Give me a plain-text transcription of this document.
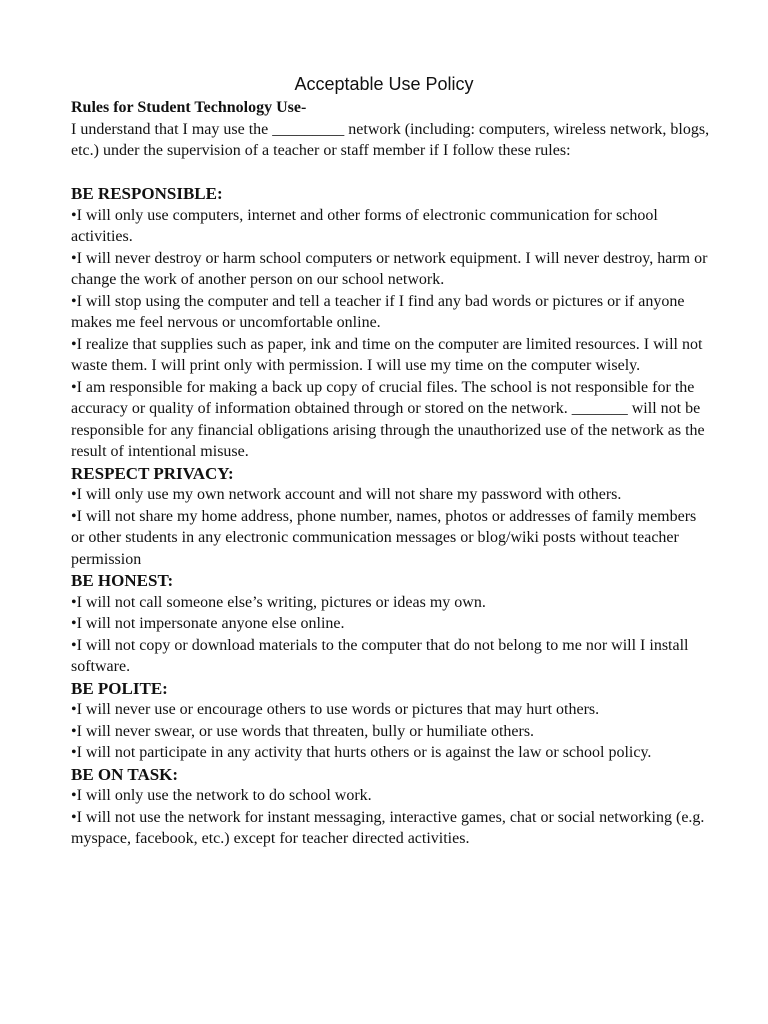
Acceptable Use Policy
Rules for Student Technology Use-

I understand that I may use the _________ network (including: computers, wireless network, blogs, etc.) under the supervision of a teacher or staff member if I follow these rules:

BE RESPONSIBLE:

•I will only use computers, internet and other forms of electronic communication for school activities.

•I will never destroy or harm school computers or network equipment. I will never destroy, harm or change the work of another person on our school network.

•I will stop using the computer and tell a teacher if I find any bad words or pictures or if anyone makes me feel nervous or uncomfortable online.

•I realize that supplies such as paper, ink and time on the computer are limited resources. I will not waste them. I will print only with permission. I will use my time on the computer wisely.

•I am responsible for making a back up copy of crucial files. The school is not responsible for the accuracy or quality of information obtained through or stored on the network. _______ will not be responsible for any financial obligations arising through the unauthorized use of the network as the result of intentional misuse.

RESPECT PRIVACY:

•I will only use my own network account and will not share my password with others.

•I will not share my home address, phone number, names, photos or addresses of family members or other students in any electronic communication messages or blog/wiki posts without teacher permission

BE HONEST:

•I will not call someone else’s writing, pictures or ideas my own.

•I will not impersonate anyone else online.

•I will not copy or download materials to the computer that do not belong to me nor will I install software.

BE POLITE:

•I will never use or encourage others to use words or pictures that may hurt others.

•I will never swear, or use words that threaten, bully or humiliate others.

•I will not participate in any activity that hurts others or is against the law or school policy.

BE ON TASK:

•I will only use the network to do school work.

•I will not use the network for instant messaging, interactive games, chat or social networking (e.g. myspace, facebook, etc.) except for teacher directed activities.
